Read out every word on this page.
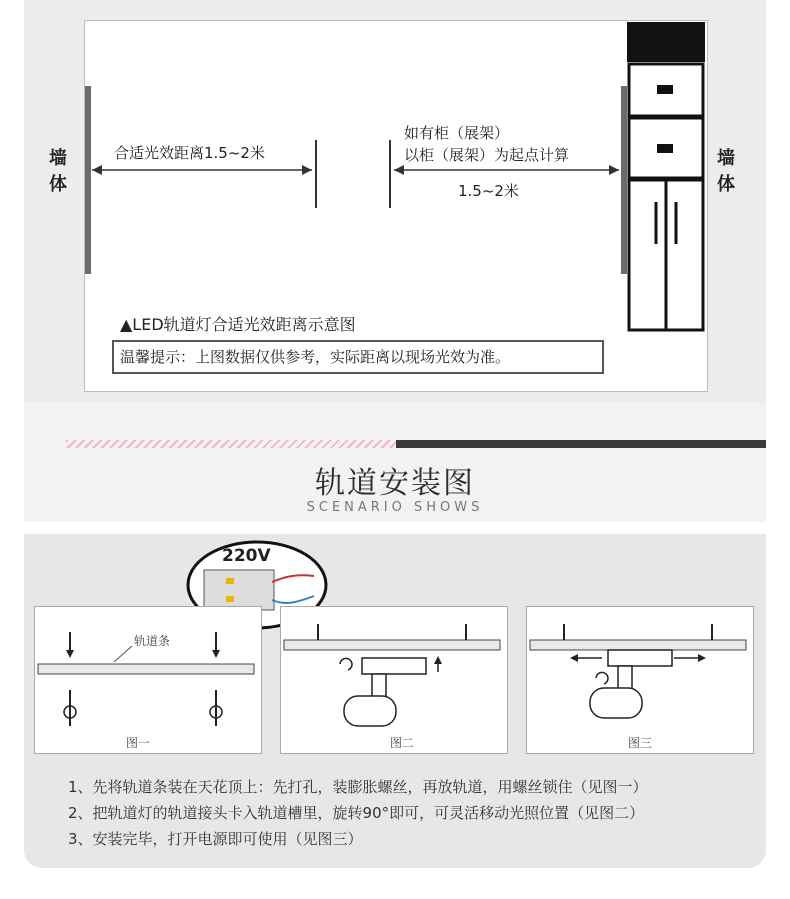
墙体
墙体
合适光效距离1.5~2米
如有柜（展架）
以柜（展架）为起点计算
1.5~2米
▲LED轨道灯合适光效距离示意图
温馨提示：上图数据仅供参考，实际距离以现场光效为准。
轨道安装图
SCENARIO SHOWS
220V
轨道条
图一	图二	图三
1、先将轨道条装在天花顶上：先打孔，装膨胀螺丝，再放轨道，用螺丝锁住（见图一）
2、把轨道灯的轨道接头卡入轨道槽里，旋转90°即可，可灵活移动光照位置（见图二）
3、安装完毕，打开电源即可使用（见图三）
